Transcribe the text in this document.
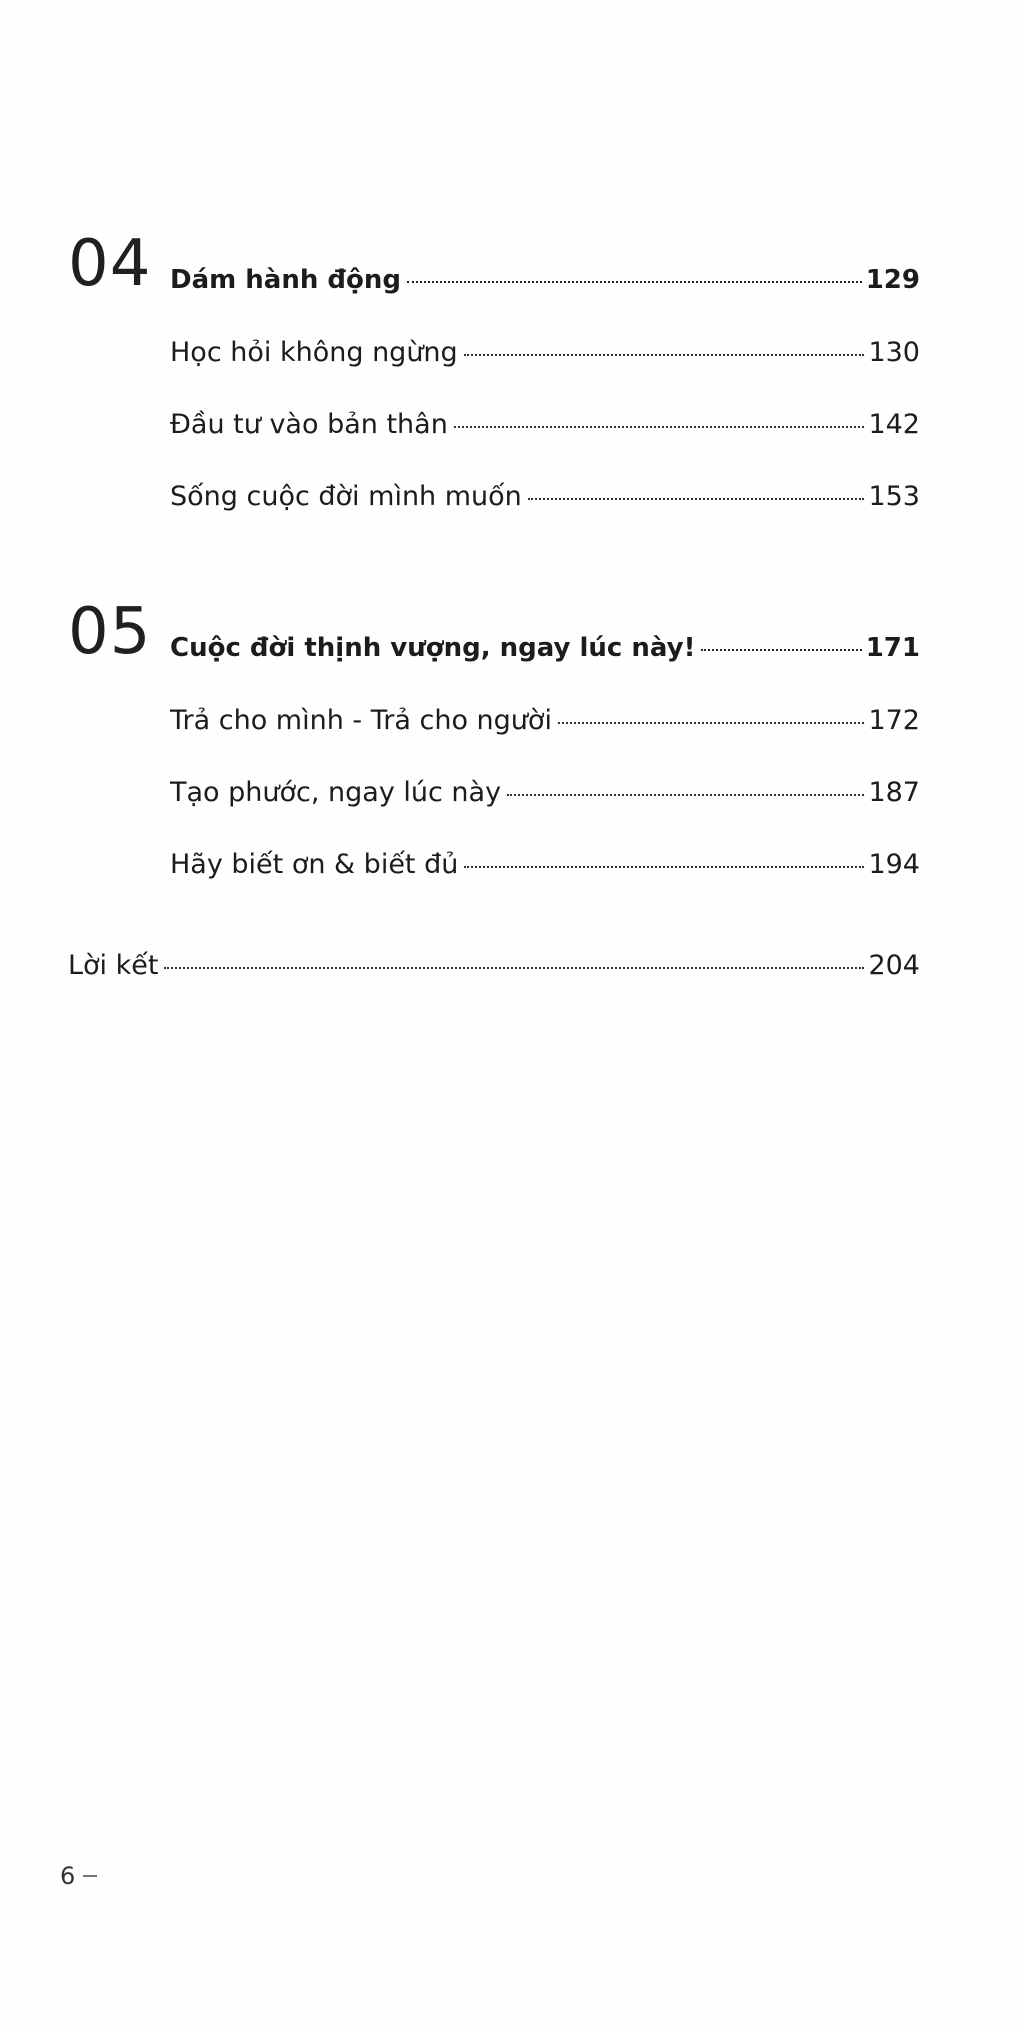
04 Dám hành động	129
Học hỏi không ngừng	130
Đầu tư vào bản thân	142
Sống cuộc đời mình muốn	153
05 Cuộc đời thịnh vượng, ngay lúc này!	171
Trả cho mình - Trả cho người	172
Tạo phước, ngay lúc này	187
Hãy biết ơn & biết đủ	194
Lời kết	204
6
